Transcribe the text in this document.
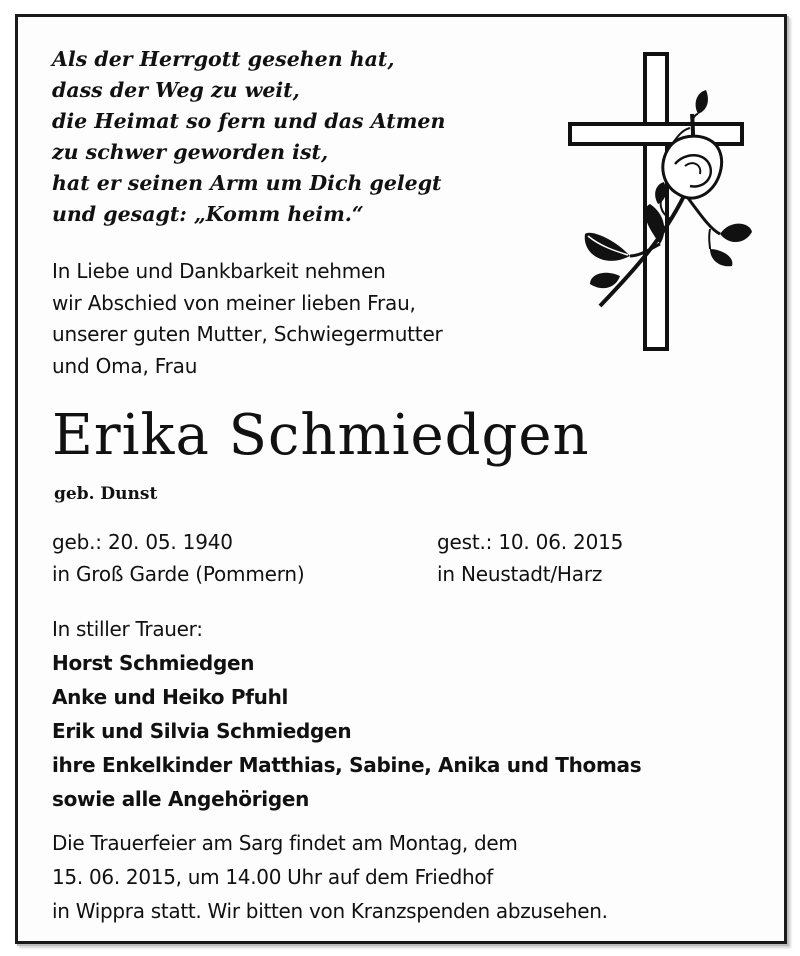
Als der Herrgott gesehen hat,
dass der Weg zu weit,
die Heimat so fern und das Atmen
zu schwer geworden ist,
hat er seinen Arm um Dich gelegt
und gesagt: „Komm heim.“
In Liebe und Dankbarkeit nehmen
wir Abschied von meiner lieben Frau,
unserer guten Mutter, Schwiegermutter
und Oma, Frau
Erika Schmiedgen
geb. Dunst
geb.: 20. 05. 1940
in Groß Garde (Pommern)
gest.: 10. 06. 2015
in Neustadt/Harz
In stiller Trauer:
Horst Schmiedgen
Anke und Heiko Pfuhl
Erik und Silvia Schmiedgen
ihre Enkelkinder Matthias, Sabine, Anika und Thomas
sowie alle Angehörigen
Die Trauerfeier am Sarg findet am Montag, dem
15. 06. 2015, um 14.00 Uhr auf dem Friedhof
in Wippra statt. Wir bitten von Kranzspenden abzusehen.
